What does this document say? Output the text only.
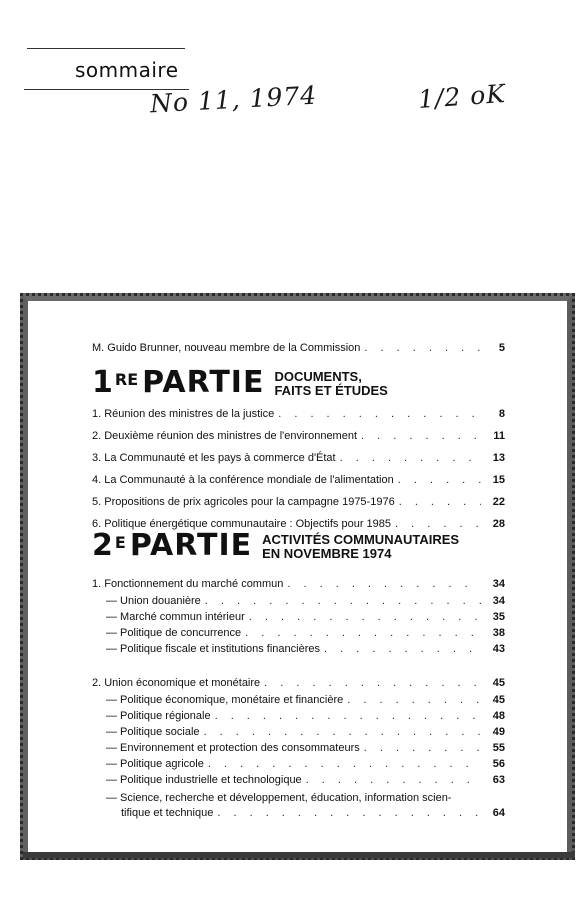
sommaire
No 11, 1974	1/2 oK
M. Guido Brunner, nouveau membre de la Commission . . .	5
1 RE PARTIE DOCUMENTS,
FAITS ET ÉTUDES
1. Réunion des ministres de la justice . . .	8
2. Deuxième réunion des ministres de l'environnement . . .	11
3. La Communauté et les pays à commerce d'État . . .	13
4. La Communauté à la conférence mondiale de l'alimentation . . .	15
5. Propositions de prix agricoles pour la campagne 1975-1976 . . .	22
6. Politique énergétique communautaire : Objectifs pour 1985 . . .	28
2 E PARTIE ACTIVITÉS COMMUNAUTAIRES
EN NOVEMBRE 1974
1. Fonctionnement du marché commun . . .	34
— Union douanière . . .	34
— Marché commun intérieur . . .	35
— Politique de concurrence . . .	38
— Politique fiscale et institutions financières . . .	43
2. Union économique et monétaire . . .	45
— Politique économique, monétaire et financière . . .	45
— Politique régionale . . .	48
— Politique sociale . . .	49
— Environnement et protection des consommateurs . . .	55
— Politique agricole . . .	56
— Politique industrielle et technologique . . .	63
— Science, recherche et développement, éducation, information scien-
tifique et technique . . .	64
